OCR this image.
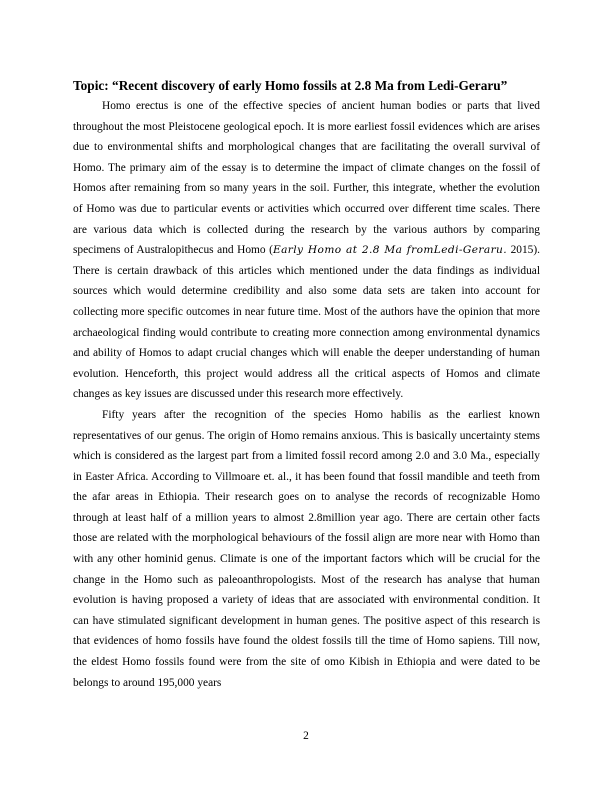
Topic: “Recent discovery of early Homo fossils at 2.8 Ma from Ledi-Geraru”

Homo erectus is one of the effective species of ancient human bodies or parts that lived throughout the most Pleistocene geological epoch. It is more earliest fossil evidences which are arises due to environmental shifts and morphological changes that are facilitating the overall survival of Homo. The primary aim of the essay is to determine the impact of climate changes on the fossil of Homos after remaining from so many years in the soil. Further, this integrate, whether the evolution of Homo was due to particular events or activities which occurred over different time scales. There are various data which is collected during the research by the various authors by comparing specimens of Australopithecus and Homo (Early Homo at 2.8 Ma fromLedi-Geraru. 2015). There is certain drawback of this articles which mentioned under the data findings as individual sources which would determine credibility and also some data sets are taken into account for collecting more specific outcomes in near future time. Most of the authors have the opinion that more archaeological finding would contribute to creating more connection among environmental dynamics and ability of Homos to adapt crucial changes which will enable the deeper understanding of human evolution. Henceforth, this project would address all the critical aspects of Homos and climate changes as key issues are discussed under this research more effectively.

Fifty years after the recognition of the species Homo habilis as the earliest known representatives of our genus. The origin of Homo remains anxious. This is basically uncertainty stems which is considered as the largest part from a limited fossil record among 2.0 and 3.0 Ma., especially in Easter Africa. According to Villmoare et. al., it has been found that fossil mandible and teeth from the afar areas in Ethiopia. Their research goes on to analyse the records of recognizable Homo through at least half of a million years to almost 2.8million year ago. There are certain other facts those are related with the morphological behaviours of the fossil align are more near with Homo than with any other hominid genus. Climate is one of the important factors which will be crucial for the change in the Homo such as paleoanthropologists. Most of the research has analyse that human evolution is having proposed a variety of ideas that are associated with environmental condition. It can have stimulated significant development in human genes. The positive aspect of this research is that evidences of homo fossils have found the oldest fossils till the time of Homo sapiens. Till now, the eldest Homo fossils found were from the site of omo Kibish in Ethiopia and were dated to be belongs to around 195,000 years

2
